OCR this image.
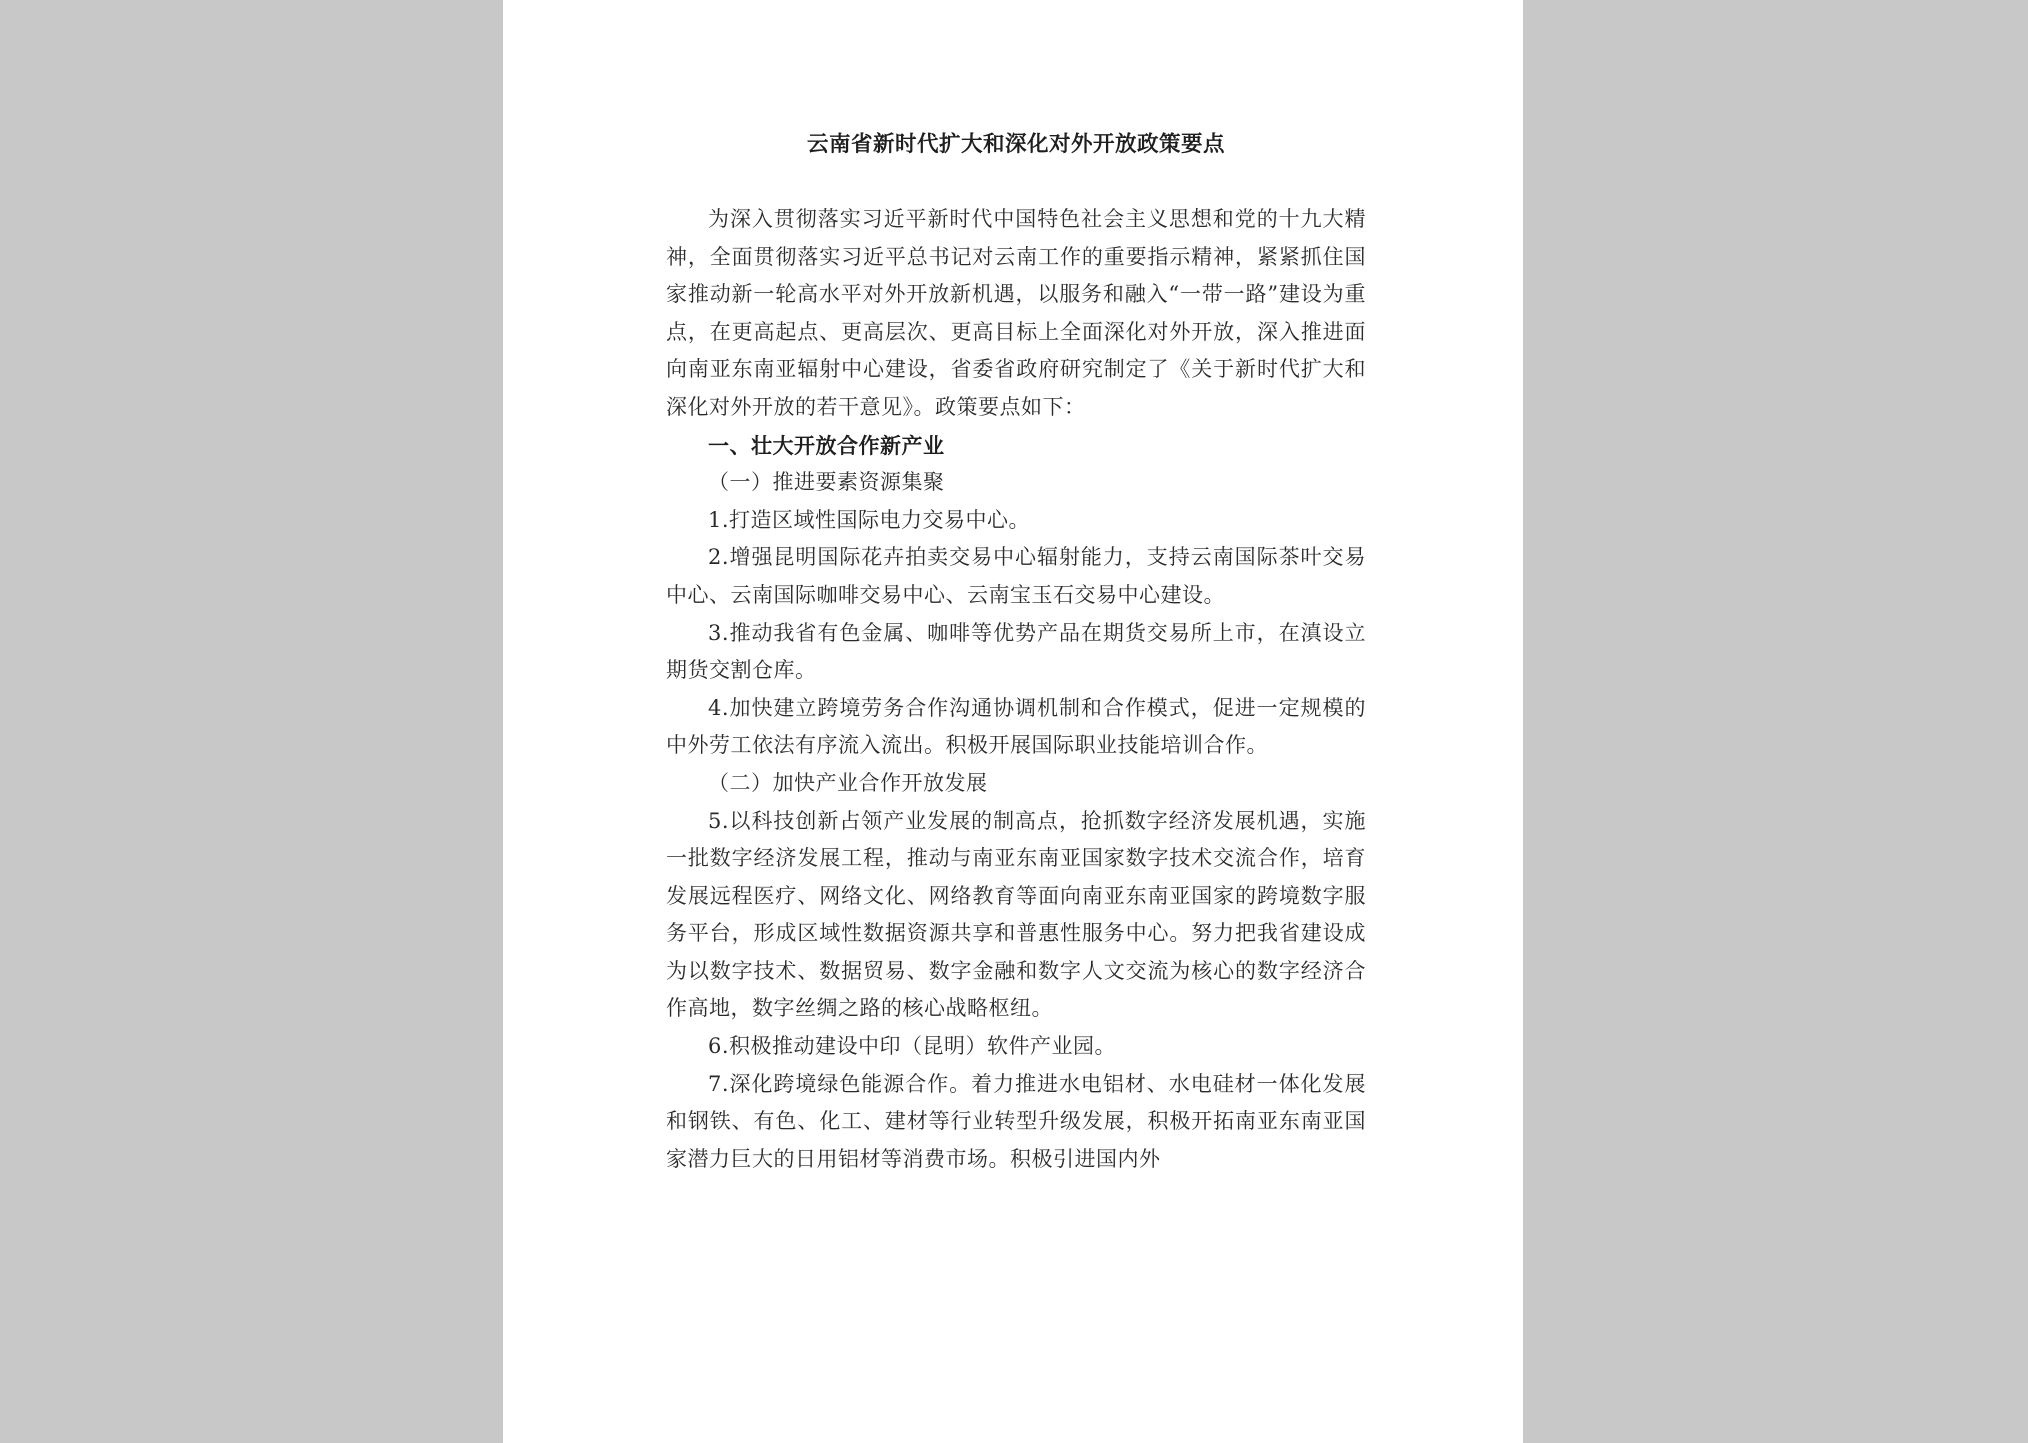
云南省新时代扩大和深化对外开放政策要点

为深入贯彻落实习近平新时代中国特色社会主义思想和党的十九大精神，全面贯彻落实习近平总书记对云南工作的重要指示精神，紧紧抓住国家推动新一轮高水平对外开放新机遇，以服务和融入“一带一路”建设为重点，在更高起点、更高层次、更高目标上全面深化对外开放，深入推进面向南亚东南亚辐射中心建设，省委省政府研究制定了《关于新时代扩大和深化对外开放的若干意见》。政策要点如下：

一、壮大开放合作新产业

（一）推进要素资源集聚

1.打造区域性国际电力交易中心。

2.增强昆明国际花卉拍卖交易中心辐射能力，支持云南国际茶叶交易中心、云南国际咖啡交易中心、云南宝玉石交易中心建设。

3.推动我省有色金属、咖啡等优势产品在期货交易所上市，在滇设立期货交割仓库。

4.加快建立跨境劳务合作沟通协调机制和合作模式，促进一定规模的中外劳工依法有序流入流出。积极开展国际职业技能培训合作。

（二）加快产业合作开放发展

5.以科技创新占领产业发展的制高点，抢抓数字经济发展机遇，实施一批数字经济发展工程，推动与南亚东南亚国家数字技术交流合作，培育发展远程医疗、网络文化、网络教育等面向南亚东南亚国家的跨境数字服务平台，形成区域性数据资源共享和普惠性服务中心。努力把我省建设成为以数字技术、数据贸易、数字金融和数字人文交流为核心的数字经济合作高地，数字丝绸之路的核心战略枢纽。

6.积极推动建设中印（昆明）软件产业园。

7.深化跨境绿色能源合作。着力推进水电铝材、水电硅材一体化发展和钢铁、有色、化工、建材等行业转型升级发展，积极开拓南亚东南亚国家潜力巨大的日用铝材等消费市场。积极引进国内外
